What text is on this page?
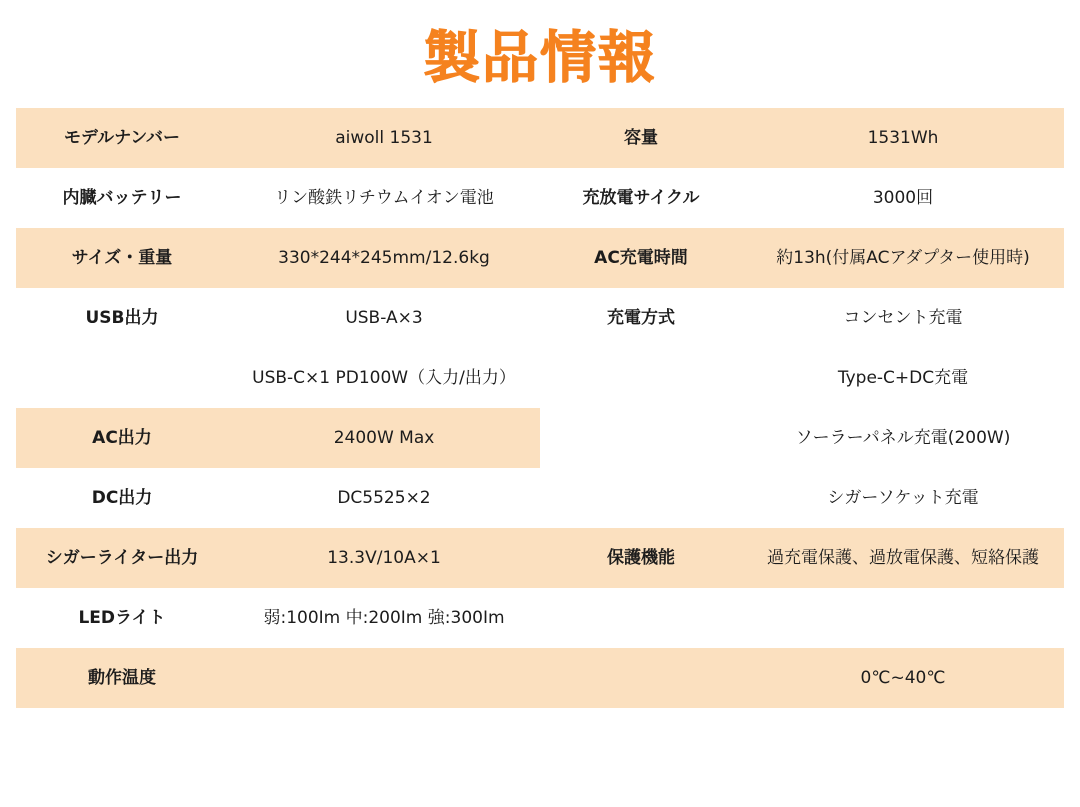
製品情報
モデルナンバー	aiwoll 1531	容量	1531Wh
内臓バッテリー	リン酸鉄リチウムイオン電池	充放電サイクル	3000回
サイズ・重量	330*244*245mm/12.6kg	AC充電時間	約13h(付属ACアダプター使用時)
USB出力	USB-A×3	充電方式	コンセント充電
	USB-C×1 PD100W（入力/出力）		Type-C+DC充電
AC出力	2400W Max		ソーラーパネル充電(200W)
DC出力	DC5525×2		シガーソケット充電
シガーライター出力	13.3V/10A×1	保護機能	過充電保護、過放電保護、短絡保護
LEDライト	弱:100Im 中:200Im 強:300Im		
動作温度			0℃~40℃
